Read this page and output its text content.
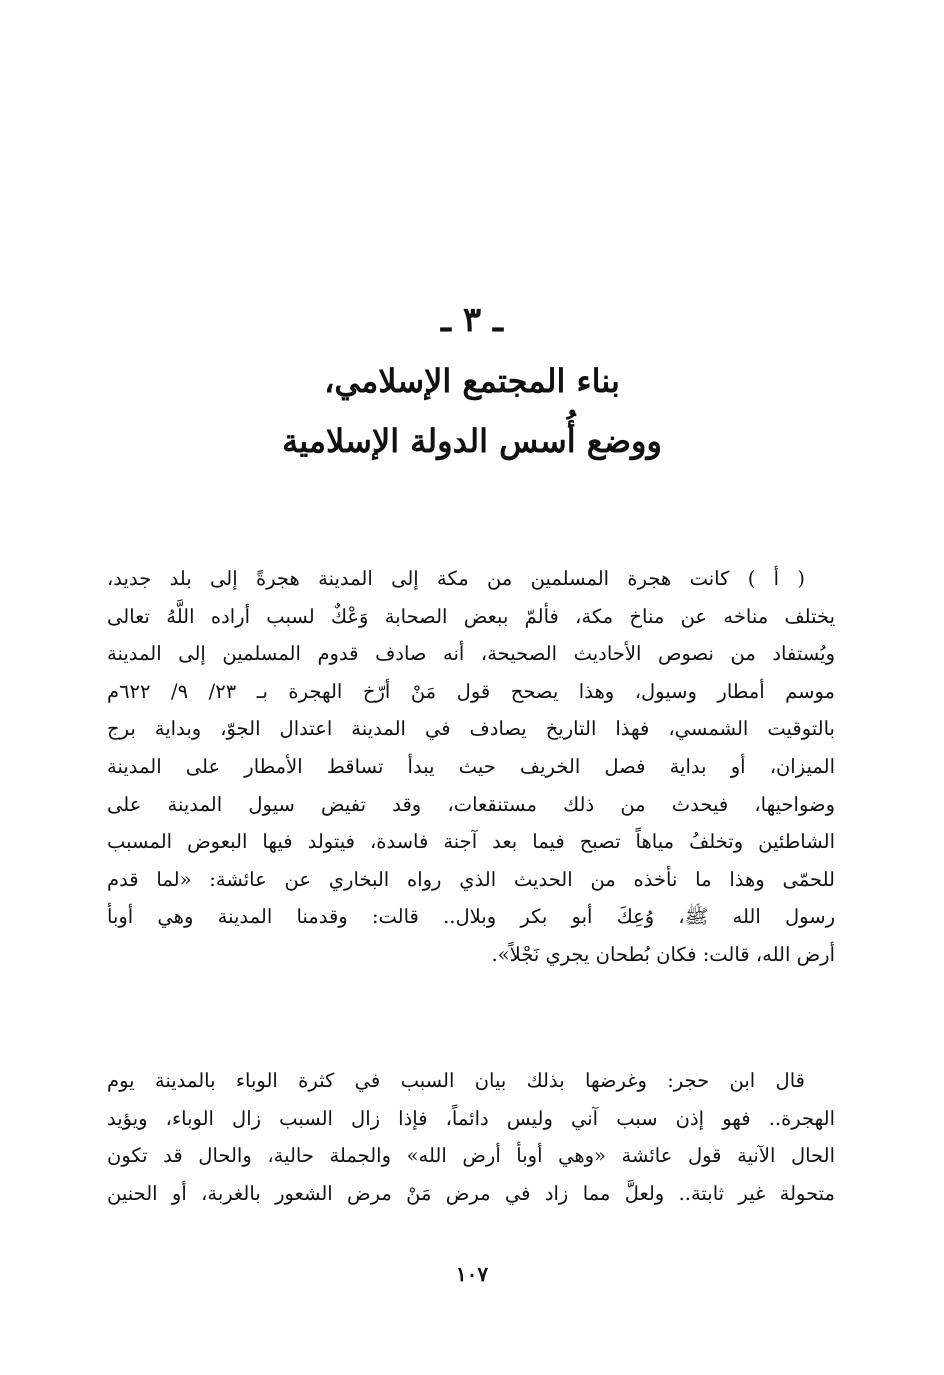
ـ ٣ ـ
بناء المجتمع الإسلامي،
ووضع أُسس الدولة الإسلامية
( أ ) كانت هجرة المسلمين من مكة إلى المدينة هجرةً إلى بلد جديد،
يختلف مناخه عن مناخ مكة، فألمّ ببعض الصحابة وَعْكٌ لسبب أراده اللَّهُ تعالى
ويُستفاد من نصوص الأحاديث الصحيحة، أنه صادف قدوم المسلمين إلى المدينة
موسم أمطار وسيول، وهذا يصحح قول مَنْ أرّخ الهجرة بـ ٢٣/ ٩/ ٦٢٢م
بالتوقيت الشمسي، فهذا التاريخ يصادف في المدينة اعتدال الجوّ، وبداية برج
الميزان، أو بداية فصل الخريف حيث يبدأ تساقط الأمطار على المدينة
وضواحيها، فيحدث من ذلك مستنقعات، وقد تفيض سيول المدينة على
الشاطئين وتخلفُ مياهاً تصبح فيما بعد آجنة فاسدة، فيتولد فيها البعوض المسبب
للحمّى وهذا ما نأخذه من الحديث الذي رواه البخاري عن عائشة: «لما قدم
رسول الله ﷺ، وُعِكَ أبو بكر وبلال.. قالت: وقدمنا المدينة وهي أوبأ
أرض الله، قالت: فكان بُطحان يجري نَجْلاً».
قال ابن حجر: وغرضها بذلك بيان السبب في كثرة الوباء بالمدينة يوم
الهجرة.. فهو إذن سبب آني وليس دائماً، فإذا زال السبب زال الوباء، ويؤيد
الحال الآنية قول عائشة «وهي أوبأ أرض الله» والجملة حالية، والحال قد تكون
متحولة غير ثابتة.. ولعلَّ مما زاد في مرض مَنْ مرض الشعور بالغربة، أو الحنين
١٠٧
